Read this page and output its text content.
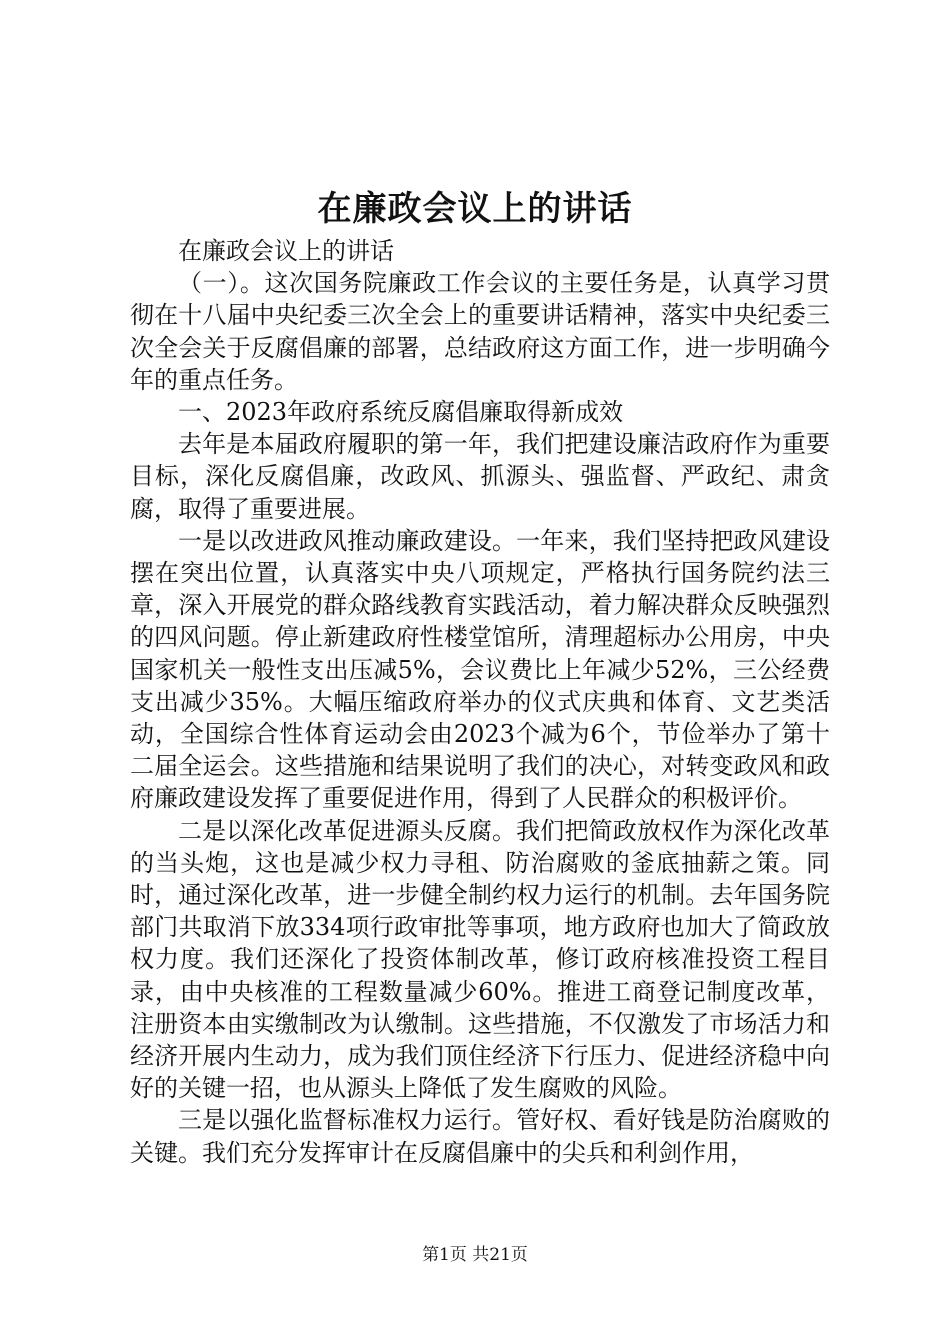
在廉政会议上的讲话

在廉政会议上的讲话

（一）。这次国务院廉政工作会议的主要任务是，认真学习贯彻在十八届中央纪委三次全会上的重要讲话精神，落实中央纪委三次全会关于反腐倡廉的部署，总结政府这方面工作，进一步明确今年的重点任务。

一、2023年政府系统反腐倡廉取得新成效

去年是本届政府履职的第一年，我们把建设廉洁政府作为重要目标，深化反腐倡廉，改政风、抓源头、强监督、严政纪、肃贪腐，取得了重要进展。

一是以改进政风推动廉政建设。一年来，我们坚持把政风建设摆在突出位置，认真落实中央八项规定，严格执行国务院约法三章，深入开展党的群众路线教育实践活动，着力解决群众反映强烈的四风问题。停止新建政府性楼堂馆所，清理超标办公用房，中央国家机关一般性支出压减5%，会议费比上年减少52%，三公经费支出减少35%。大幅压缩政府举办的仪式庆典和体育、文艺类活动，全国综合性体育运动会由2023个减为6个，节俭举办了第十二届全运会。这些措施和结果说明了我们的决心，对转变政风和政府廉政建设发挥了重要促进作用，得到了人民群众的积极评价。

二是以深化改革促进源头反腐。我们把简政放权作为深化改革的当头炮，这也是减少权力寻租、防治腐败的釜底抽薪之策。同时，通过深化改革，进一步健全制约权力运行的机制。去年国务院部门共取消下放334项行政审批等事项，地方政府也加大了简政放权力度。我们还深化了投资体制改革，修订政府核准投资工程目录，由中央核准的工程数量减少60%。推进工商登记制度改革，注册资本由实缴制改为认缴制。这些措施，不仅激发了市场活力和经济开展内生动力，成为我们顶住经济下行压力、促进经济稳中向好的关键一招，也从源头上降低了发生腐败的风险。

三是以强化监督标准权力运行。管好权、看好钱是防治腐败的关键。我们充分发挥审计在反腐倡廉中的尖兵和利剑作用，

第1页 共21页
